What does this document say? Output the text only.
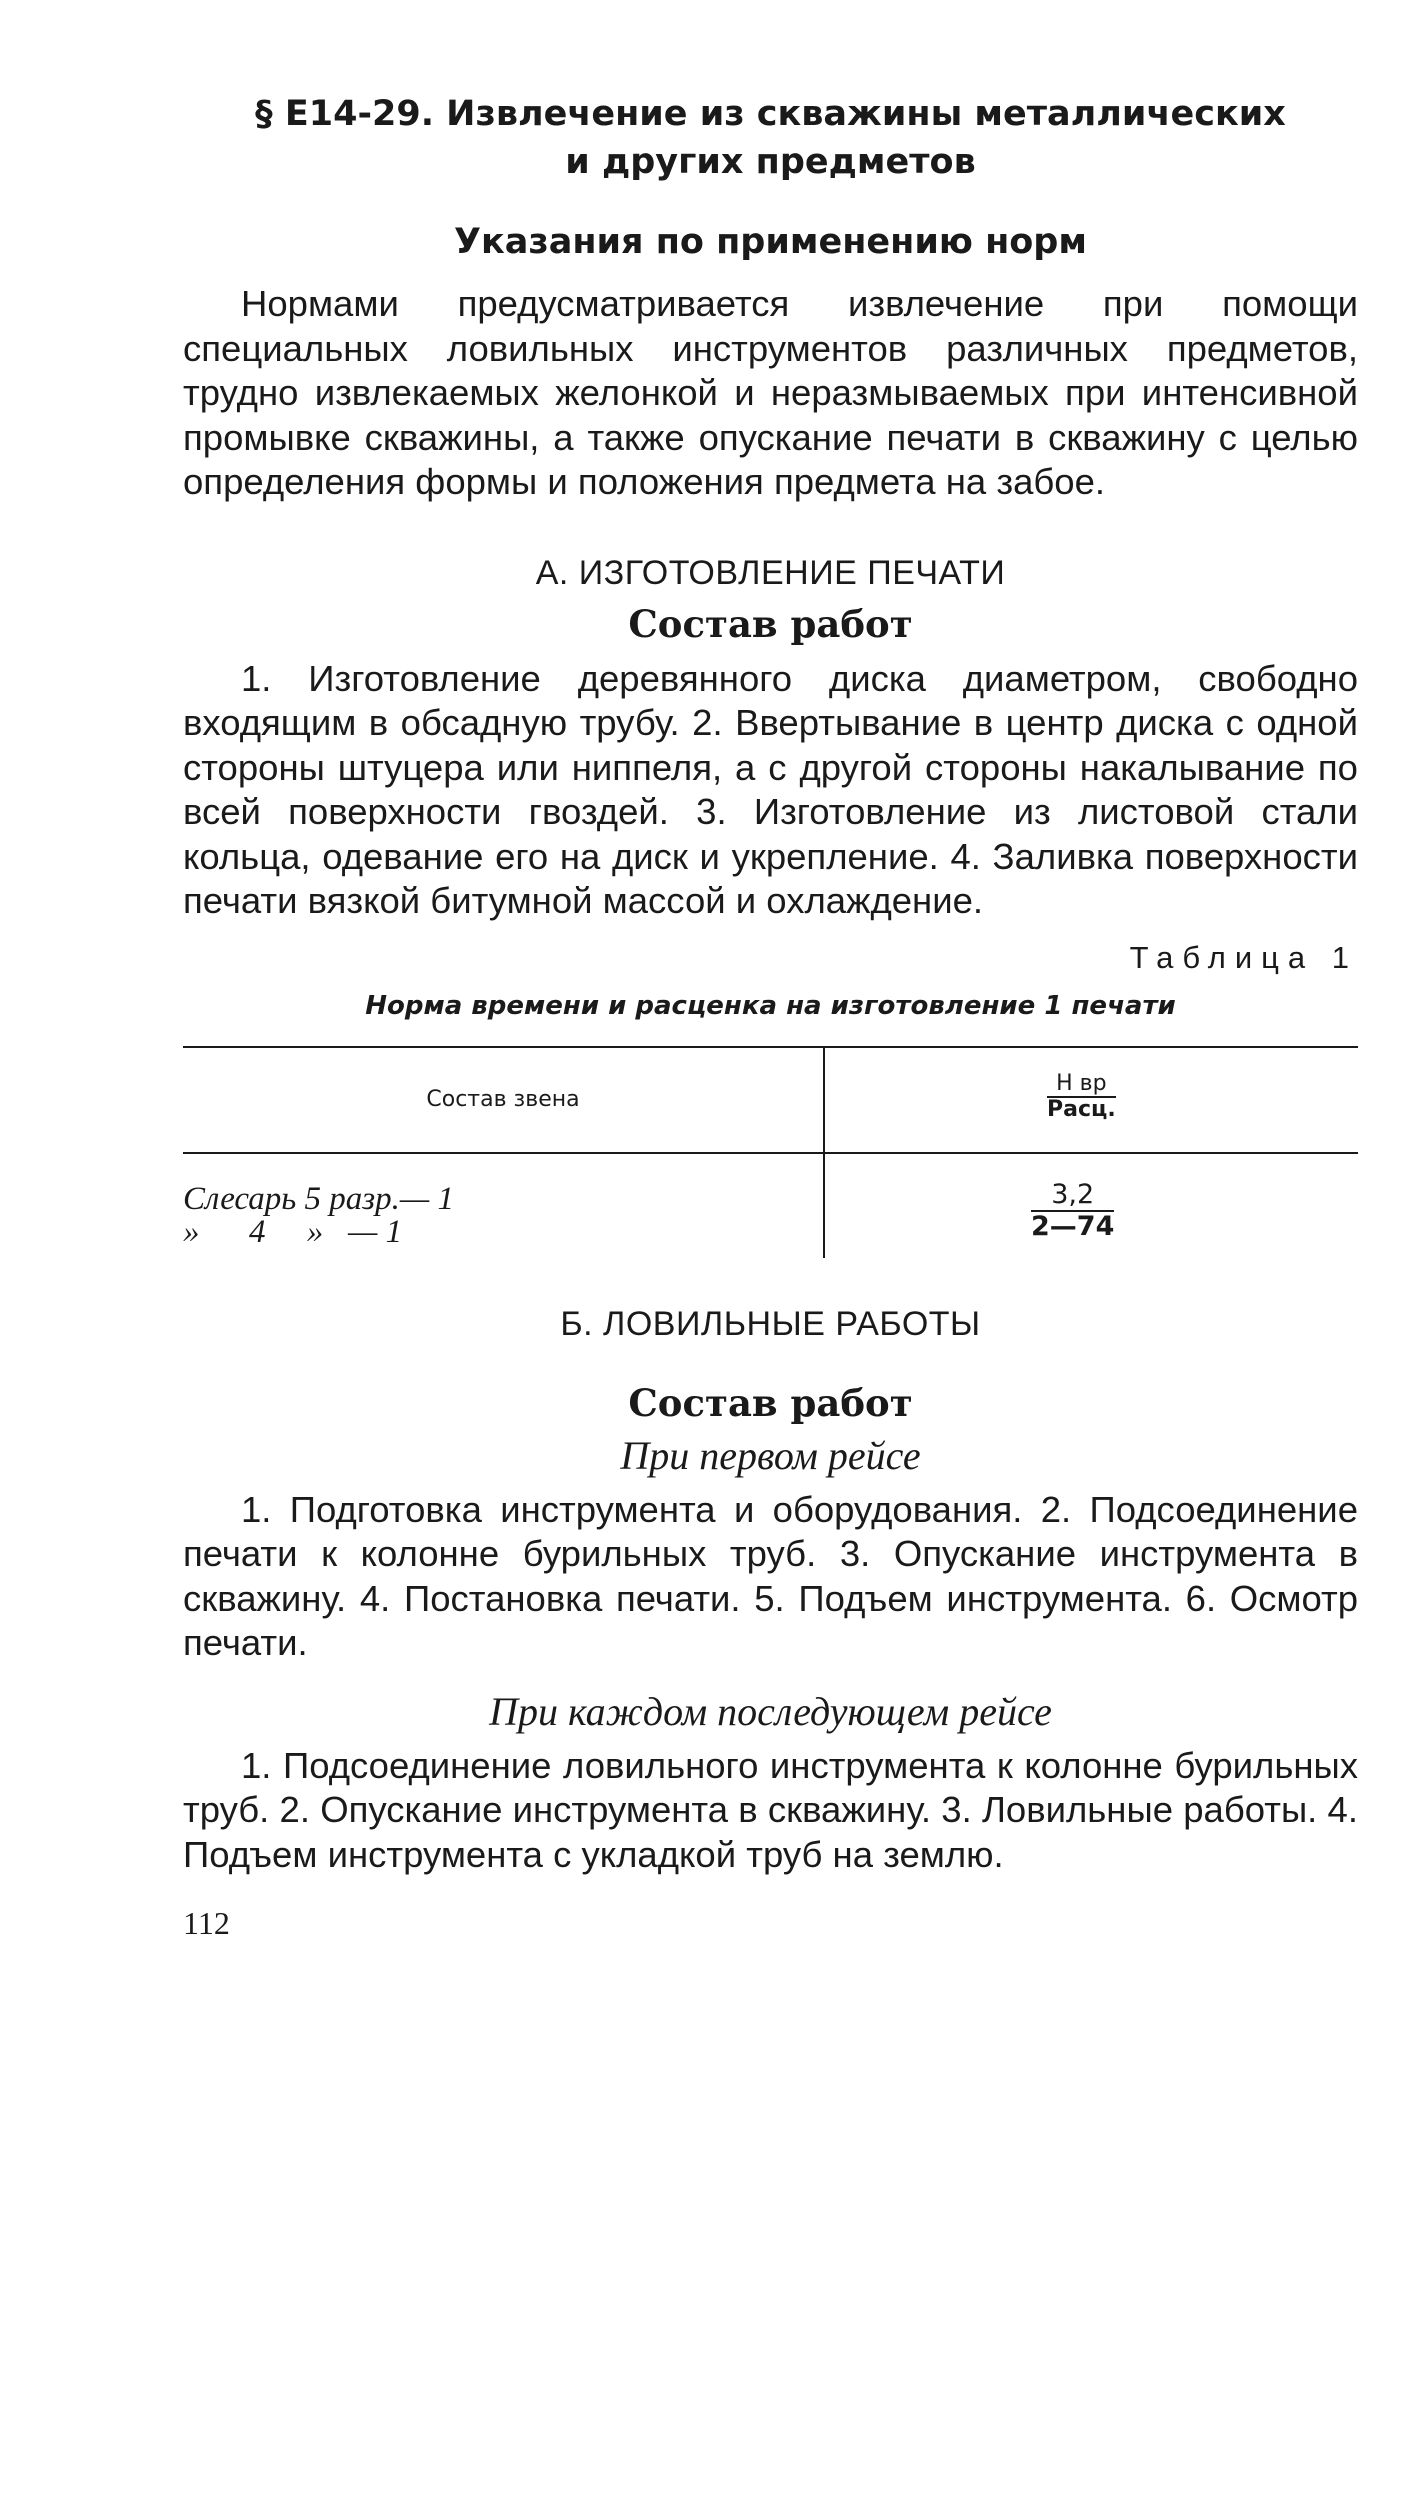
§ Е14-29. Извлечение из скважины металлических
и других предметов
Указания по применению норм

Нормами предусматривается извлечение при помощи специальных ловильных инструментов различных предметов, трудно извлекаемых желонкой и неразмываемых при интенсивной промывке скважины, а также опускание печати в скважину с целью определения формы и положения предмета на забое.

А. ИЗГОТОВЛЕНИЕ ПЕЧАТИ
Состав работ

1. Изготовление деревянного диска диаметром, свободно входящим в обсадную трубу. 2. Ввертывание в центр диска с одной стороны штуцера или ниппеля, а с другой стороны накалывание по всей поверхности гвоздей. 3. Изготовление из листовой стали кольца, одевание его на диск и укрепление. 4. Заливка поверхности печати вязкой битумной массой и охлаждение.

Таблица 1
Норма времени и расценка на изготовление 1 печати
Состав звена
Н вр
Расц.
Слесарь 5 разр.— 1
»      4     »   — 1
3,2
2—74
Б. ЛОВИЛЬНЫЕ РАБОТЫ
Состав работ
При первом рейсе

1. Подготовка инструмента и оборудования. 2. Подсоединение печати к колонне бурильных труб. 3. Опускание инструмента в скважину. 4. Постановка печати. 5. Подъем инструмента. 6. Осмотр печати.

При каждом последующем рейсе

1. Подсоединение ловильного инструмента к колонне бурильных труб. 2. Опускание инструмента в скважину. 3. Ловильные работы. 4. Подъем инструмента с укладкой труб на землю.

112
